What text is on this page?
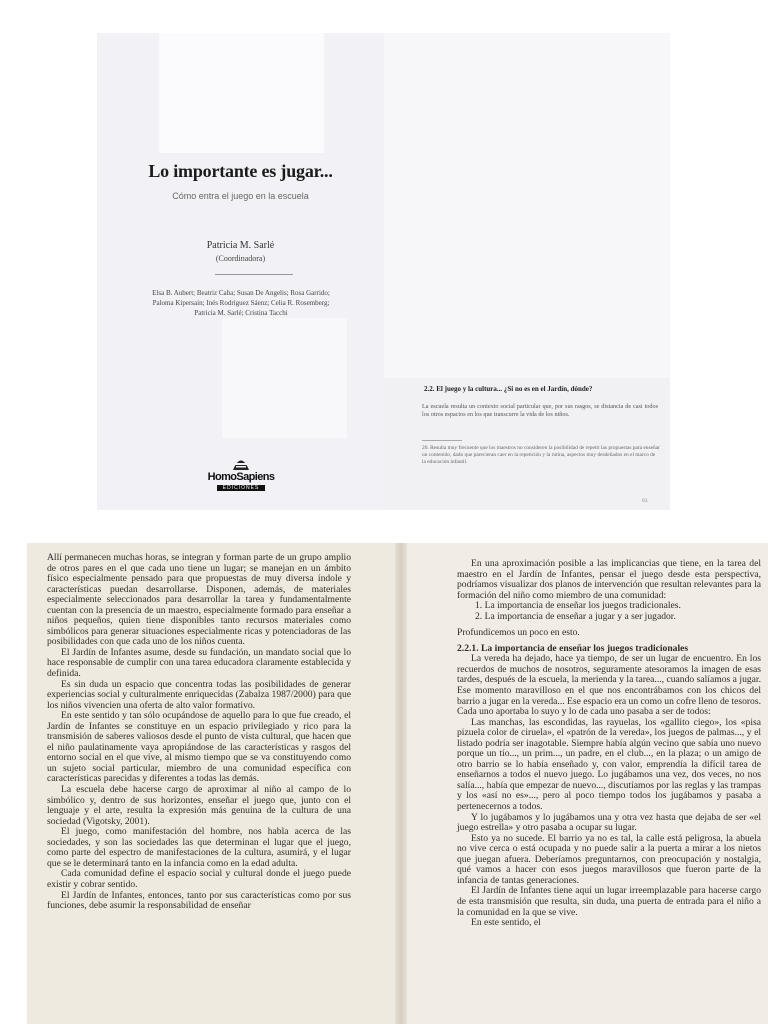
Lo importante es jugar...
Cómo entra el juego en la escuela
Patricia M. Sarlé
(Coordinadora)
Elsa B. Aubert; Beatriz Caba; Susan De Angelis; Rosa Garrido;
Paloma Kipersain; Inés Rodríguez Sáenz; Celia R. Rosemberg;
Patricia M. Sarlé; Cristina Tacchi
HomoSapiens
EDICIONES
2.2. El juego y la cultura... ¿Si no es en el Jardín, dónde?
La escuela resulta un contexto social particular que, por sus rasgos, se distancia de casi todos los otros espacios en los que transcurre la vida de los niños.
26. Resulta muy frecuente que los maestros no consideren la posibilidad de repetir las propuestas para enseñar un contenido, dado que parecieran caer en la repetición y la rutina, aspectos muy desdeñados en el marco de la educación infantil.
83

Allí permanecen muchas horas, se integran y forman parte de un grupo amplio de otros pares en el que cada uno tiene un lugar; se manejan en un ámbito físico especialmente pensado para que propuestas de muy diversa índole y características puedan desarrollarse. Disponen, además, de materiales especialmente seleccionados para desarrollar la tarea y fundamentalmente cuentan con la presencia de un maestro, especialmente formado para enseñar a niños pequeños, quien tiene disponibles tanto recursos materiales como simbólicos para generar situaciones especialmente ricas y potenciadoras de las posibilidades con que cada uno de los niños cuenta.

El Jardín de Infantes asume, desde su fundación, un mandato social que lo hace responsable de cumplir con una tarea educadora claramente establecida y definida.

Es sin duda un espacio que concentra todas las posibilidades de generar experiencias social y culturalmente enriquecidas (Zabalza 1987/2000) para que los niños vivencien una oferta de alto valor formativo.

En este sentido y tan sólo ocupándose de aquello para lo que fue creado, el Jardín de Infantes se constituye en un espacio privilegiado y rico para la transmisión de saberes valiosos desde el punto de vista cultural, que hacen que el niño paulatinamente vaya apropiándose de las características y rasgos del entorno social en el que vive, al mismo tiempo que se va constituyendo como un sujeto social particular, miembro de una comunidad específica con características parecidas y diferentes a todas las demás.

La escuela debe hacerse cargo de aproximar al niño al campo de lo simbólico y, dentro de sus horizontes, enseñar el juego que, junto con el lenguaje y el arte, resulta la expresión más genuina de la cultura de una sociedad (Vigotsky, 2001).

El juego, como manifestación del hombre, nos habla acerca de las sociedades, y son las sociedades las que determinan el lugar que el juego, como parte del espectro de manifestaciones de la cultura, asumirá, y el lugar que se le determinará tanto en la infancia como en la edad adulta.

Cada comunidad define el espacio social y cultural donde el juego puede existir y cobrar sentido.

El Jardín de Infantes, entonces, tanto por sus características como por sus funciones, debe asumir la responsabilidad de enseñar

En una aproximación posible a las implicancias que tiene, en la tarea del maestro en el Jardín de Infantes, pensar el juego desde esta perspectiva, podríamos visualizar dos planos de intervención que resultan relevantes para la formación del niño como miembro de una comunidad:

1. La importancia de enseñar los juegos tradicionales.

2. La importancia de enseñar a jugar y a ser jugador.

Profundicemos un poco en esto.

2.2.1. La importancia de enseñar los juegos tradicionales

La vereda ha dejado, hace ya tiempo, de ser un lugar de encuentro. En los recuerdos de muchos de nosotros, seguramente atesoramos la imagen de esas tardes, después de la escuela, la merienda y la tarea..., cuando salíamos a jugar. Ese momento maravilloso en el que nos encontrábamos con los chicos del barrio a jugar en la vereda... Ese espacio era un como un cofre lleno de tesoros. Cada uno aportaba lo suyo y lo de cada uno pasaba a ser de todos:

Las manchas, las escondidas, las rayuelas, los «gallito ciego», los «pisa pizuela color de ciruela», el «patrón de la vereda», los juegos de palmas..., y el listado podría ser inagotable. Siempre había algún vecino que sabía uno nuevo porque un tío..., un prim..., un padre, en el club..., en la plaza; o un amigo de otro barrio se lo había enseñado y, con valor, emprendía la difícil tarea de enseñarnos a todos el nuevo juego. Lo jugábamos una vez, dos veces, no nos salía..., había que empezar de nuevo..., discutíamos por las reglas y las trampas y los «así no es»..., pero al poco tiempo todos los jugábamos y pasaba a pertenecernos a todos.

Y lo jugábamos y lo jugábamos una y otra vez hasta que dejaba de ser «el juego estrella» y otro pasaba a ocupar su lugar.

Esto ya no sucede. El barrio ya no es tal, la calle está peligrosa, la abuela no vive cerca o está ocupada y no puede salir a la puerta a mirar a los nietos que juegan afuera. Deberíamos preguntarnos, con preocupación y nostalgia, qué vamos a hacer con esos juegos maravillosos que fueron parte de la infancia de tantas generaciones.

El Jardín de Infantes tiene aquí un lugar irreemplazable para hacerse cargo de esta transmisión que resulta, sin duda, una puerta de entrada para el niño a la comunidad en la que se vive.

En este sentido, el
